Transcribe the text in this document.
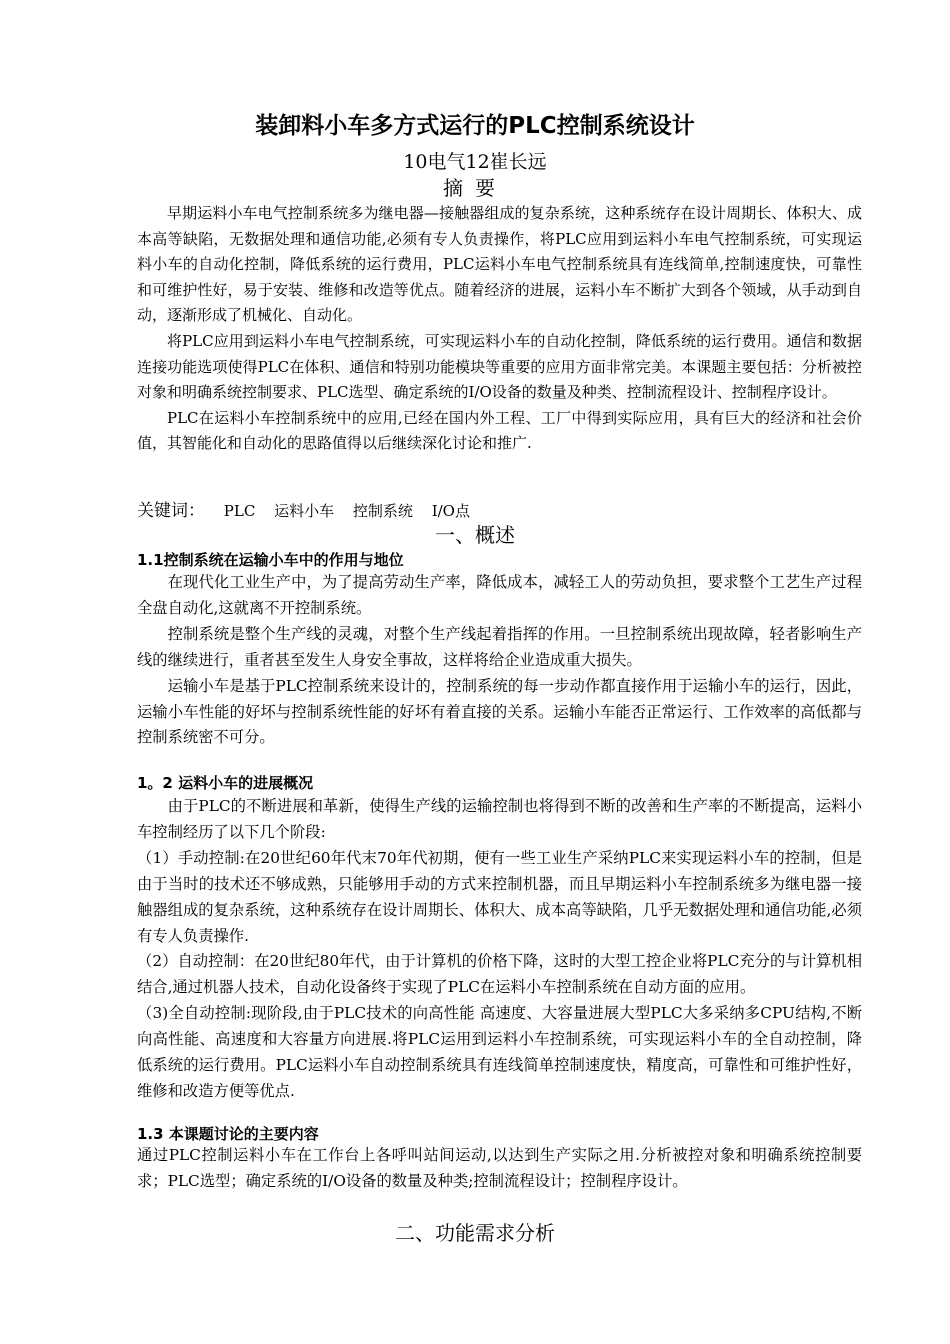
装卸料小车多方式运行的PLC控制系统设计
10电气12崔长远
摘要

早期运料小车电气控制系统多为继电器—接触器组成的复杂系统，这种系统存在设计周期长、体积大、成本高等缺陷，无数据处理和通信功能,必须有专人负责操作，将PLC应用到运料小车电气控制系统，可实现运料小车的自动化控制，降低系统的运行费用，PLC运料小车电气控制系统具有连线简单,控制速度快，可靠性和可维护性好，易于安装、维修和改造等优点。随着经济的进展，运料小车不断扩大到各个领域，从手动到自动，逐渐形成了机械化、自动化。

将PLC应用到运料小车电气控制系统，可实现运料小车的自动化控制，降低系统的运行费用。通信和数据连接功能选项使得PLC在体积、通信和特别功能模块等重要的应用方面非常完美。本课题主要包括：分析被控对象和明确系统控制要求、PLC选型、确定系统的I/O设备的数量及种类、控制流程设计、控制程序设计。

PLC在运料小车控制系统中的应用,已经在国内外工程、工厂中得到实际应用，具有巨大的经济和社会价值，其智能化和自动化的思路值得以后继续深化讨论和推广.

关键词： PLC 运料小车 控制系统 I/O点
一、概述
1.1控制系统在运输小车中的作用与地位

在现代化工业生产中，为了提高劳动生产率，降低成本，减轻工人的劳动负担，要求整个工艺生产过程全盘自动化,这就离不开控制系统。

控制系统是整个生产线的灵魂，对整个生产线起着指挥的作用。一旦控制系统出现故障，轻者影响生产线的继续进行，重者甚至发生人身安全事故，这样将给企业造成重大损失。

运输小车是基于PLC控制系统来设计的，控制系统的每一步动作都直接作用于运输小车的运行，因此，运输小车性能的好坏与控制系统性能的好坏有着直接的关系。运输小车能否正常运行、工作效率的高低都与控制系统密不可分。

1。2 运料小车的进展概况

由于PLC的不断进展和革新，使得生产线的运输控制也将得到不断的改善和生产率的不断提高，运料小车控制经历了以下几个阶段:

（1）手动控制:在20世纪60年代末70年代初期，便有一些工业生产采纳PLC来实现运料小车的控制，但是由于当时的技术还不够成熟，只能够用手动的方式来控制机器，而且早期运料小车控制系统多为继电器一接触器组成的复杂系统，这种系统存在设计周期长、体积大、成本高等缺陷，几乎无数据处理和通信功能,必须有专人负责操作.

（2）自动控制：在20世纪80年代，由于计算机的价格下降，这时的大型工控企业将PLC充分的与计算机相结合,通过机器人技术，自动化设备终于实现了PLC在运料小车控制系统在自动方面的应用。

（3)全自动控制:现阶段,由于PLC技术的向高性能 高速度、大容量进展大型PLC大多采纳多CPU结构,不断向高性能、高速度和大容量方向进展.将PLC运用到运料小车控制系统，可实现运料小车的全自动控制，降低系统的运行费用。PLC运料小车自动控制系统具有连线简单控制速度快，精度高，可靠性和可维护性好，维修和改造方便等优点.

1.3 本课题讨论的主要内容

通过PLC控制运料小车在工作台上各呼叫站间运动,以达到生产实际之用.分析被控对象和明确系统控制要求；PLC选型；确定系统的I/O设备的数量及种类;控制流程设计；控制程序设计。

二、功能需求分析
